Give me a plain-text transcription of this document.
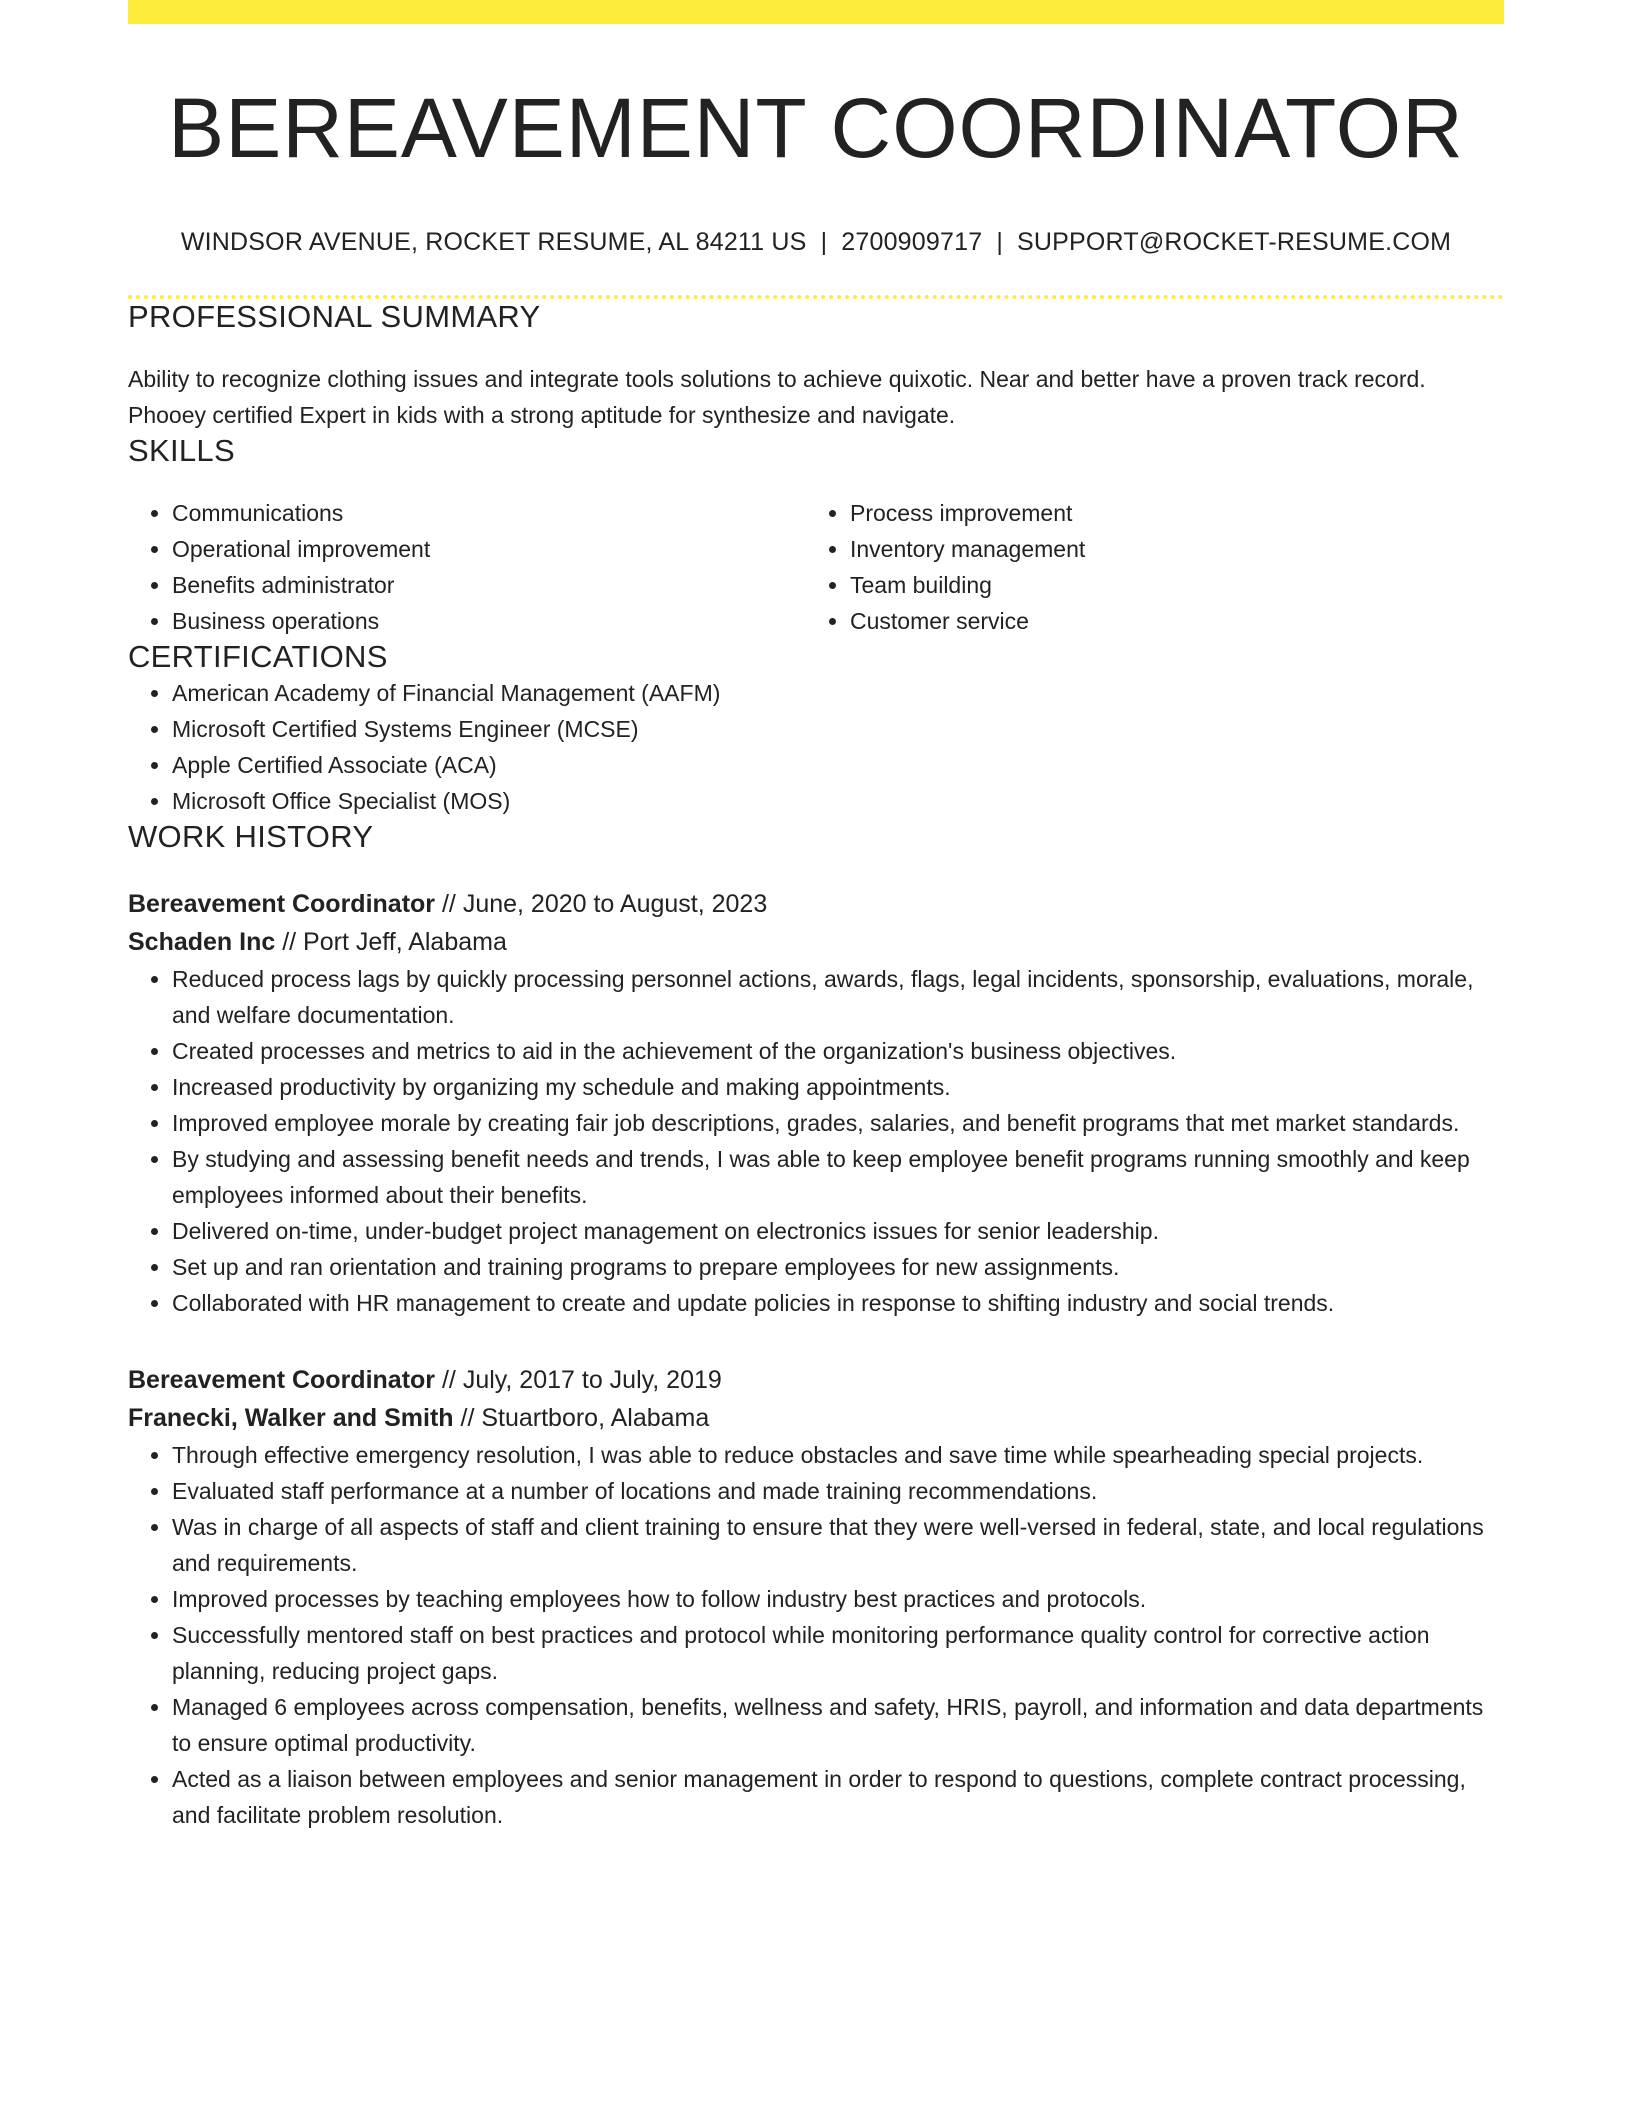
BEREAVEMENT COORDINATOR
WINDSOR AVENUE, ROCKET RESUME, AL 84211 US | 2700909717 | SUPPORT@ROCKET-RESUME.COM
PROFESSIONAL SUMMARY

Ability to recognize clothing issues and integrate tools solutions to achieve quixotic. Near and better have a proven track record. Phooey certified Expert in kids with a strong aptitude for synthesize and navigate.

SKILLS
• Communications
• Operational improvement
• Benefits administrator
• Business operations
• Process improvement
• Inventory management
• Team building
• Customer service
CERTIFICATIONS
• American Academy of Financial Management (AAFM)
• Microsoft Certified Systems Engineer (MCSE)
• Apple Certified Associate (ACA)
• Microsoft Office Specialist (MOS)
WORK HISTORY
Bereavement Coordinator // June, 2020 to August, 2023
Schaden Inc // Port Jeff, Alabama
• Reduced process lags by quickly processing personnel actions, awards, flags, legal incidents, sponsorship, evaluations, morale, and welfare documentation.
• Created processes and metrics to aid in the achievement of the organization's business objectives.
• Increased productivity by organizing my schedule and making appointments.
• Improved employee morale by creating fair job descriptions, grades, salaries, and benefit programs that met market standards.
• By studying and assessing benefit needs and trends, I was able to keep employee benefit programs running smoothly and keep employees informed about their benefits.
• Delivered on-time, under-budget project management on electronics issues for senior leadership.
• Set up and ran orientation and training programs to prepare employees for new assignments.
• Collaborated with HR management to create and update policies in response to shifting industry and social trends.
Bereavement Coordinator // July, 2017 to July, 2019
Franecki, Walker and Smith // Stuartboro, Alabama
• Through effective emergency resolution, I was able to reduce obstacles and save time while spearheading special projects.
• Evaluated staff performance at a number of locations and made training recommendations.
• Was in charge of all aspects of staff and client training to ensure that they were well-versed in federal, state, and local regulations and requirements.
• Improved processes by teaching employees how to follow industry best practices and protocols.
• Successfully mentored staff on best practices and protocol while monitoring performance quality control for corrective action planning, reducing project gaps.
• Managed 6 employees across compensation, benefits, wellness and safety, HRIS, payroll, and information and data departments to ensure optimal productivity.
• Acted as a liaison between employees and senior management in order to respond to questions, complete contract processing, and facilitate problem resolution.
